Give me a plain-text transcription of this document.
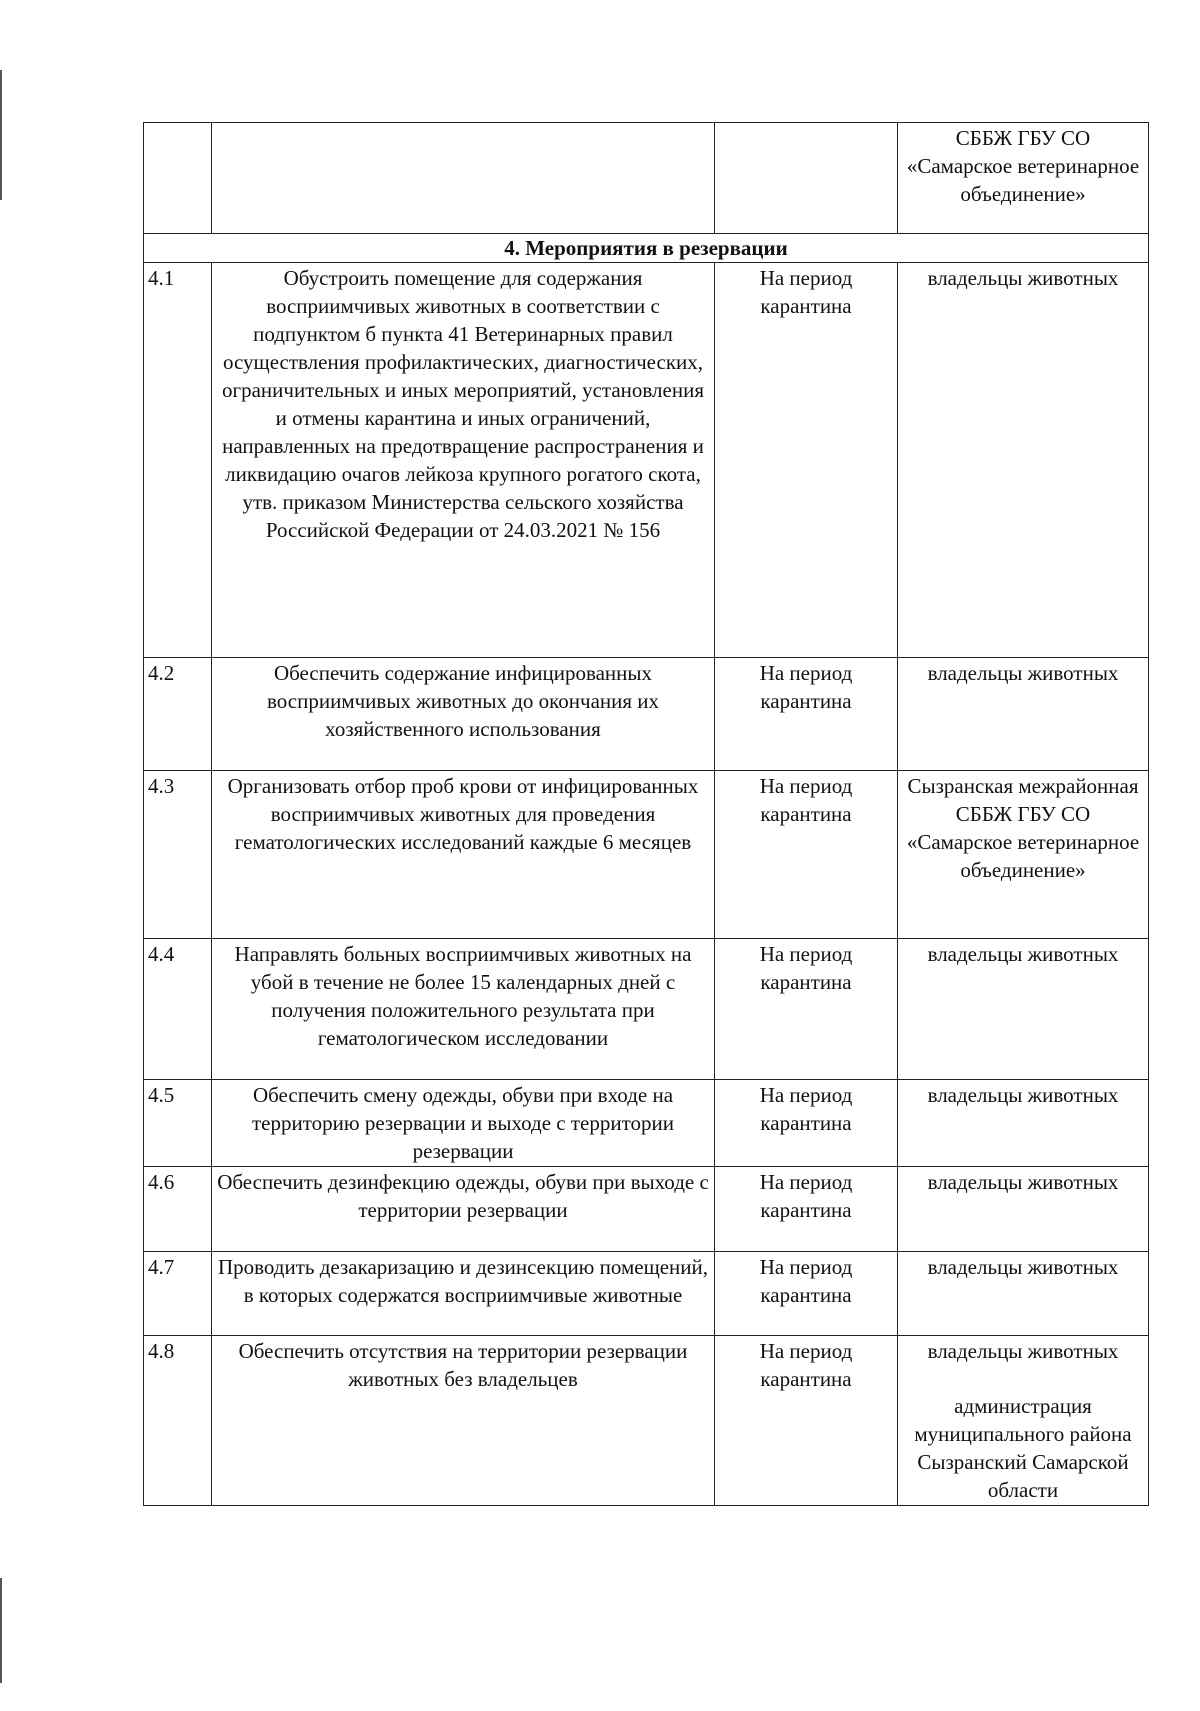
			СББЖ ГБУ СО «Самарское ветеринарное объединение»
4. Мероприятия в резервации			
4.1	Обустроить помещение для содержания восприимчивых животных в соответствии с подпунктом б пункта 41 Ветеринарных правил осуществления профилактических, диагностических, ограничительных и иных мероприятий, установления и отмены карантина и иных ограничений, направленных на предотвращение распространения и ликвидацию очагов лейкоза крупного рогатого скота, утв. приказом Министерства сельского хозяйства Российской Федерации от 24.03.2021 № 156	На период карантина	владельцы животных
4.2	Обеспечить содержание инфицированных восприимчивых животных до окончания их хозяйственного использования	На период карантина	владельцы животных
4.3	Организовать отбор проб крови от инфицированных восприимчивых животных для проведения гематологических исследований каждые 6 месяцев	На период карантина	Сызранская межрайонная СББЖ ГБУ СО «Самарское ветеринарное объединение»
4.4	Направлять больных восприимчивых животных на убой в течение не более 15 календарных дней с получения положительного результата при гематологическом исследовании	На период карантина	владельцы животных
4.5	Обеспечить смену одежды, обуви при входе на территорию резервации и выходе с территории резервации	На период карантина	владельцы животных
4.6	Обеспечить дезинфекцию одежды, обуви при выходе с территории резервации	На период карантина	владельцы животных
4.7	Проводить дезакаризацию и дезинсекцию помещений, в которых содержатся восприимчивые животные	На период карантина	владельцы животных
4.8	Обеспечить отсутствия на территории резервации животных без владельцев	На период карантина	владельцы животных
администрация муниципального района Сызранский Самарской области
